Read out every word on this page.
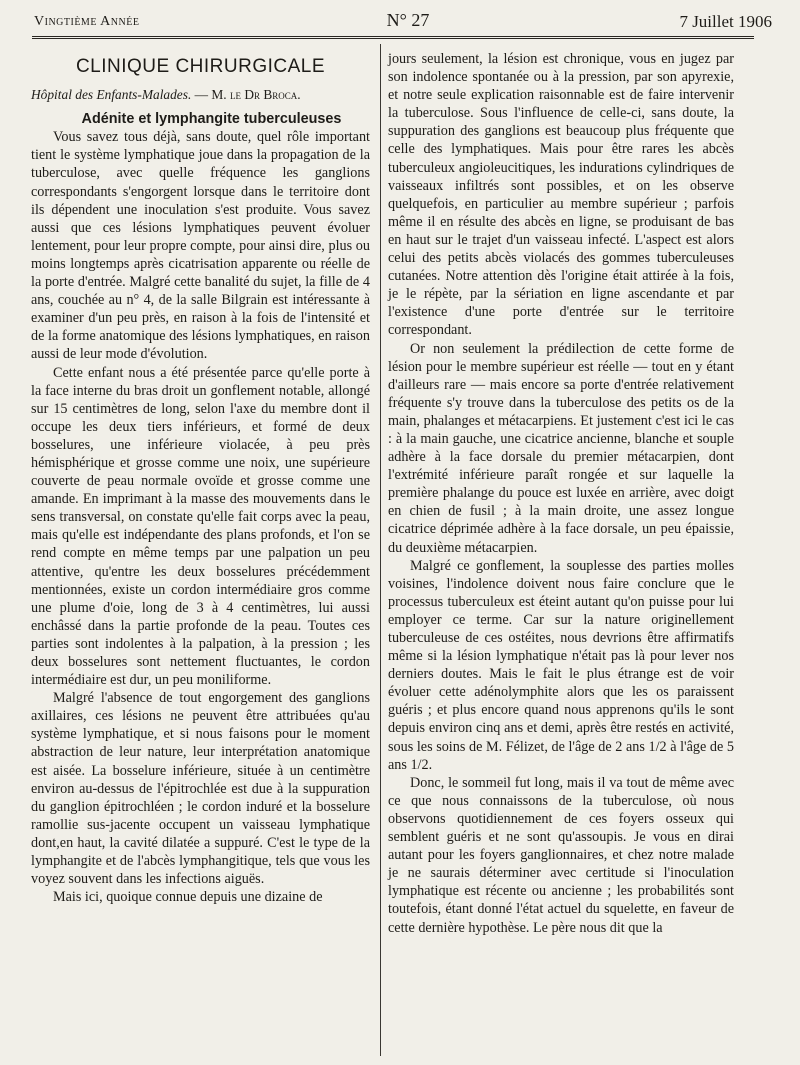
Vingtième Année	N° 27	7 Juillet 1906
CLINIQUE CHIRURGICALE

Hôpital des Enfants-Malades. — M. le Dr Broca.

Adénite et lymphangite tuberculeuses

Vous savez tous déjà, sans doute, quel rôle important tient le système lymphatique joue dans la propagation de la tuberculose, avec quelle fréquence les ganglions correspondants s'engorgent lorsque dans le territoire dont ils dépendent une inoculation s'est produite. Vous savez aussi que ces lésions lymphatiques peuvent évoluer lentement, pour leur propre compte, pour ainsi dire, plus ou moins longtemps après cicatrisation apparente ou réelle de la porte d'entrée. Malgré cette banalité du sujet, la fille de 4 ans, couchée au n° 4, de la salle Bilgrain est intéressante à examiner d'un peu près, en raison à la fois de l'intensité et de la forme anatomique des lésions lymphatiques, en raison aussi de leur mode d'évolution.

Cette enfant nous a été présentée parce qu'elle porte à la face interne du bras droit un gonflement notable, allongé sur 15 centimètres de long, selon l'axe du membre dont il occupe les deux tiers inférieurs, et formé de deux bosselures, une inférieure violacée, à peu près hémisphérique et grosse comme une noix, une supérieure couverte de peau normale ovoïde et grosse comme une amande. En imprimant à la masse des mouvements dans le sens transversal, on constate qu'elle fait corps avec la peau, mais qu'elle est indépendante des plans profonds, et l'on se rend compte en même temps par une palpation un peu attentive, qu'entre les deux bosselures précédemment mentionnées, existe un cordon intermédiaire gros comme une plume d'oie, long de 3 à 4 centimètres, lui aussi enchâssé dans la partie profonde de la peau. Toutes ces parties sont indolentes à la palpation, à la pression ; les deux bosselures sont nettement fluctuantes, le cordon intermédiaire est dur, un peu moniliforme.

Malgré l'absence de tout engorgement des ganglions axillaires, ces lésions ne peuvent être attribuées qu'au système lymphatique, et si nous faisons pour le moment abstraction de leur nature, leur interprétation anatomique est aisée. La bosselure inférieure, située à un centimètre environ au-dessus de l'épitrochlée est due à la suppuration du ganglion épitrochléen ; le cordon induré et la bosselure ramollie sus-jacente occupent un vaisseau lymphatique dont,en haut, la cavité dilatée a suppuré. C'est le type de la lymphangite et de l'abcès lymphangitique, tels que vous les voyez souvent dans les infections aiguës.

Mais ici, quoique connue depuis une dizaine de

jours seulement, la lésion est chronique, vous en jugez par son indolence spontanée ou à la pression, par son apyrexie, et notre seule explication raisonnable est de faire intervenir la tuberculose. Sous l'influence de celle-ci, sans doute, la suppuration des ganglions est beaucoup plus fréquente que celle des lymphatiques. Mais pour être rares les abcès tuberculeux angioleucitiques, les indurations cylindriques de vaisseaux infiltrés sont possibles, et on les observe quelquefois, en particulier au membre supérieur ; parfois même il en résulte des abcès en ligne, se produisant de bas en haut sur le trajet d'un vaisseau infecté. L'aspect est alors celui des petits abcès violacés des gommes tuberculeuses cutanées. Notre attention dès l'origine était attirée à la fois, je le répète, par la sériation en ligne ascendante et par l'existence d'une porte d'entrée sur le territoire correspondant.

Or non seulement la prédilection de cette forme de lésion pour le membre supérieur est réelle — tout en y étant d'ailleurs rare — mais encore sa porte d'entrée relativement fréquente s'y trouve dans la tuberculose des petits os de la main, phalanges et métacarpiens. Et justement c'est ici le cas : à la main gauche, une cicatrice ancienne, blanche et souple adhère à la face dorsale du premier métacarpien, dont l'extrémité inférieure paraît rongée et sur laquelle la première phalange du pouce est luxée en arrière, avec doigt en chien de fusil ; à la main droite, une assez longue cicatrice déprimée adhère à la face dorsale, un peu épaissie, du deuxième métacarpien.

Malgré ce gonflement, la souplesse des parties molles voisines, l'indolence doivent nous faire conclure que le processus tuberculeux est éteint autant qu'on puisse pour lui employer ce terme. Car sur la nature originellement tuberculeuse de ces ostéites, nous devrions être affirmatifs même si la lésion lymphatique n'était pas là pour lever nos derniers doutes. Mais le fait le plus étrange est de voir évoluer cette adénolymphite alors que les os paraissent guéris ; et plus encore quand nous apprenons qu'ils le sont depuis environ cinq ans et demi, après être restés en activité, sous les soins de M. Félizet, de l'âge de 2 ans 1/2 à l'âge de 5 ans 1/2.

Donc, le sommeil fut long, mais il va tout de même avec ce que nous connaissons de la tuberculose, où nous observons quotidiennement de ces foyers osseux qui semblent guéris et ne sont qu'assoupis. Je vous en dirai autant pour les foyers ganglionnaires, et chez notre malade je ne saurais déterminer avec certitude si l'inoculation lymphatique est récente ou ancienne ; les probabilités sont toutefois, étant donné l'état actuel du squelette, en faveur de cette dernière hypothèse. Le père nous dit que la
